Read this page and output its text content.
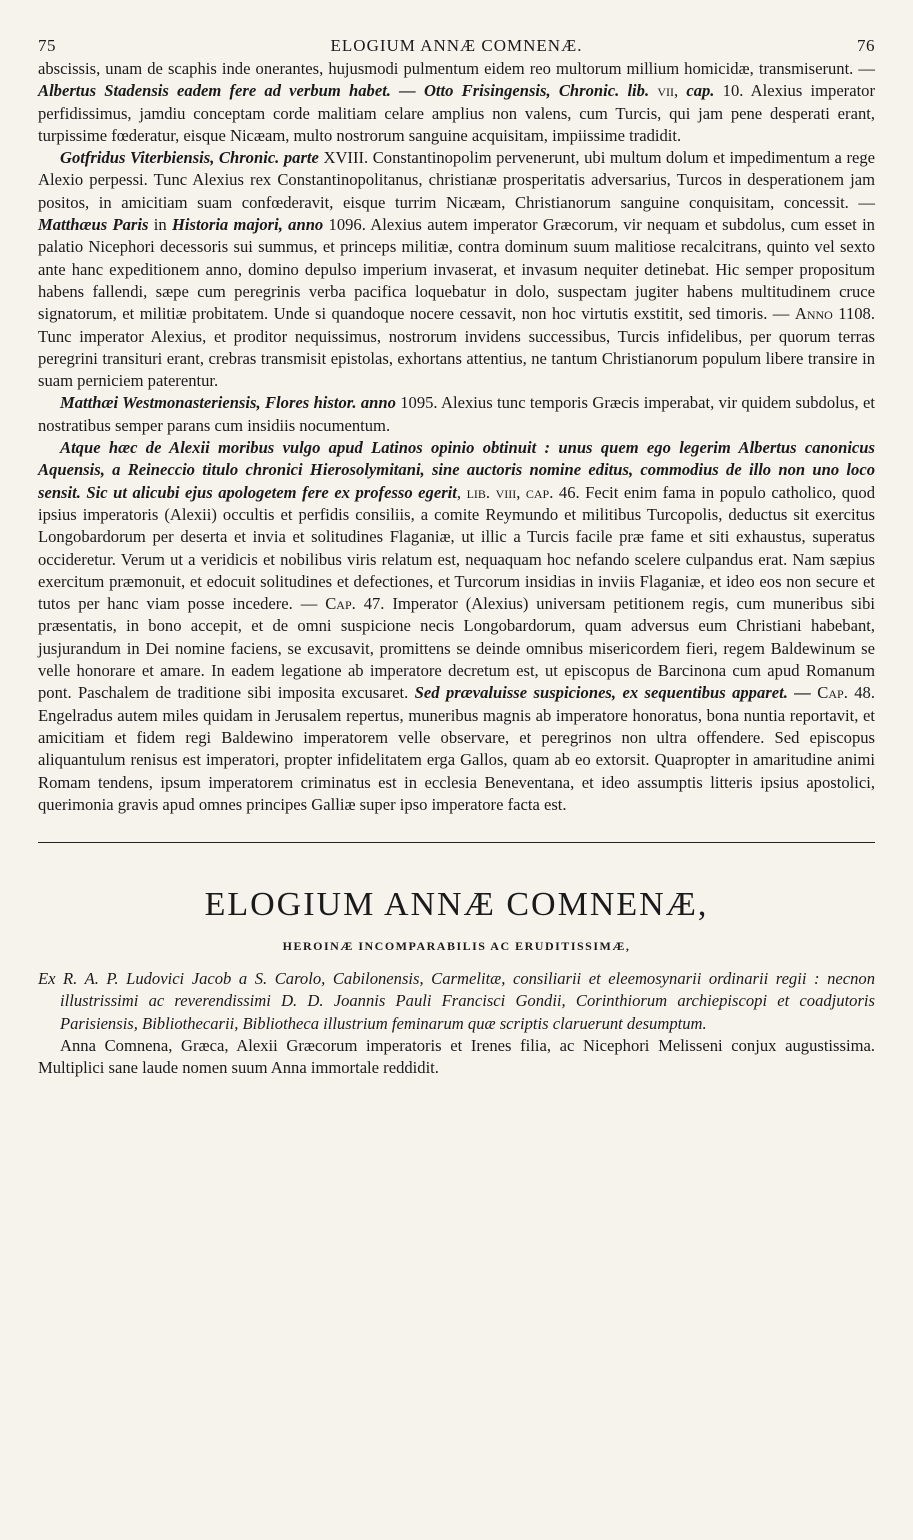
75	ELOGIUM ANNÆ COMNENÆ.	76

abscissis, unam de scaphis inde onerantes, hujusmodi pulmentum eidem reo multorum millium homicidæ, transmiserunt. — Albertus Stadensis eadem fere ad verbum habet. — Otto Frisingensis, Chronic. lib. vii, cap. 10. Alexius imperator perfidissimus, jamdiu conceptam corde malitiam celare amplius non valens, cum Turcis, qui jam pene desperati erant, turpissime fœderatur, eisque Nicæam, multo nostrorum sanguine acquisitam, impiissime tradidit.

Gotfridus Viterbiensis, Chronic. parte XVIII. Constantinopolim pervenerunt, ubi multum dolum et impedimentum a rege Alexio perpessi. Tunc Alexius rex Constantinopolitanus, christianæ prosperitatis adversarius, Turcos in desperationem jam positos, in amicitiam suam confœderavit, eisque turrim Nicæam, Christianorum sanguine conquisitam, concessit. — Matthæus Paris in Historia majori, anno 1096. Alexius autem imperator Græcorum, vir nequam et subdolus, cum esset in palatio Nicephori decessoris sui summus, et princeps militiæ, contra dominum suum malitiose recalcitrans, quinto vel sexto ante hanc expeditionem anno, domino depulso imperium invaserat, et invasum nequiter detinebat. Hic semper propositum habens fallendi, sæpe cum peregrinis verba pacifica loquebatur in dolo, suspectam jugiter habens multitudinem cruce signatorum, et militiæ probitatem. Unde si quandoque nocere cessavit, non hoc virtutis exstitit, sed timoris. — Anno 1108. Tunc imperator Alexius, et proditor nequissimus, nostrorum invidens successibus, Turcis infidelibus, per quorum terras peregrini transituri erant, crebras transmisit epistolas, exhortans attentius, ne tantum Christianorum populum libere transire in suam perniciem paterentur.

Matthæi Westmonasteriensis, Flores histor. anno 1095. Alexius tunc temporis Græcis imperabat, vir quidem subdolus, et nostratibus semper parans cum insidiis nocumentum.

Atque hæc de Alexii moribus vulgo apud Latinos opinio obtinuit : unus quem ego legerim Albertus canonicus Aquensis, a Reineccio titulo chronici Hierosolymitani, sine auctoris nomine editus, commodius de illo non uno loco sensit. Sic ut alicubi ejus apologetem fere ex professo egerit, lib. viii, cap. 46. Fecit enim fama in populo catholico, quod ipsius imperatoris (Alexii) occultis et perfidis consiliis, a comite Reymundo et militibus Turcopolis, deductus sit exercitus Longobardorum per deserta et invia et solitudines Flaganiæ, ut illic a Turcis facile præ fame et siti exhaustus, superatus occideretur. Verum ut a veridicis et nobilibus viris relatum est, nequaquam hoc nefando scelere culpandus erat. Nam sæpius exercitum præmonuit, et edocuit solitudines et defectiones, et Turcorum insidias in inviis Flaganiæ, et ideo eos non secure et tutos per hanc viam posse incedere. — Cap. 47. Imperator (Alexius) universam petitionem regis, cum muneribus sibi præsentatis, in bono accepit, et de omni suspicione necis Longobardorum, quam adversus eum Christiani habebant, jusjurandum in Dei nomine faciens, se excusavit, promittens se deinde omnibus misericordem fieri, regem Baldewinum se velle honorare et amare. In eadem legatione ab imperatore decretum est, ut episcopus de Barcinona cum apud Romanum pont. Paschalem de traditione sibi imposita excusaret. Sed prævaluisse suspiciones, ex sequentibus apparet. — Cap. 48. Engelradus autem miles quidam in Jerusalem repertus, muneribus magnis ab imperatore honoratus, bona nuntia reportavit, et amicitiam et fidem regi Baldewino imperatorem velle observare, et peregrinos non ultra offendere. Sed episcopus aliquantulum renisus est imperatori, propter infidelitatem erga Gallos, quam ab eo extorsit. Quapropter in amaritudine animi Romam tendens, ipsum imperatorem criminatus est in ecclesia Beneventana, et ideo assumptis litteris ipsius apostolici, querimonia gravis apud omnes principes Galliæ super ipso imperatore facta est.

ELOGIUM ANNÆ COMNENÆ,
HEROINÆ INCOMPARABILIS AC ERUDITISSIMÆ,

Ex R. A. P. Ludovici Jacob a S. Carolo, Cabilonensis, Carmelitæ, consiliarii et eleemosynarii ordinarii regii : necnon illustrissimi ac reverendissimi D. D. Joannis Pauli Francisci Gondii, Corinthiorum archiepiscopi et coadjutoris Parisiensis, Bibliothecarii, Bibliotheca illustrium feminarum quæ scriptis claruerunt desumptum.

Anna Comnena, Græca, Alexii Græcorum imperatoris et Irenes filia, ac Nicephori Melisseni conjux augustissima. Multiplici sane laude nomen suum Anna immortale reddidit.
